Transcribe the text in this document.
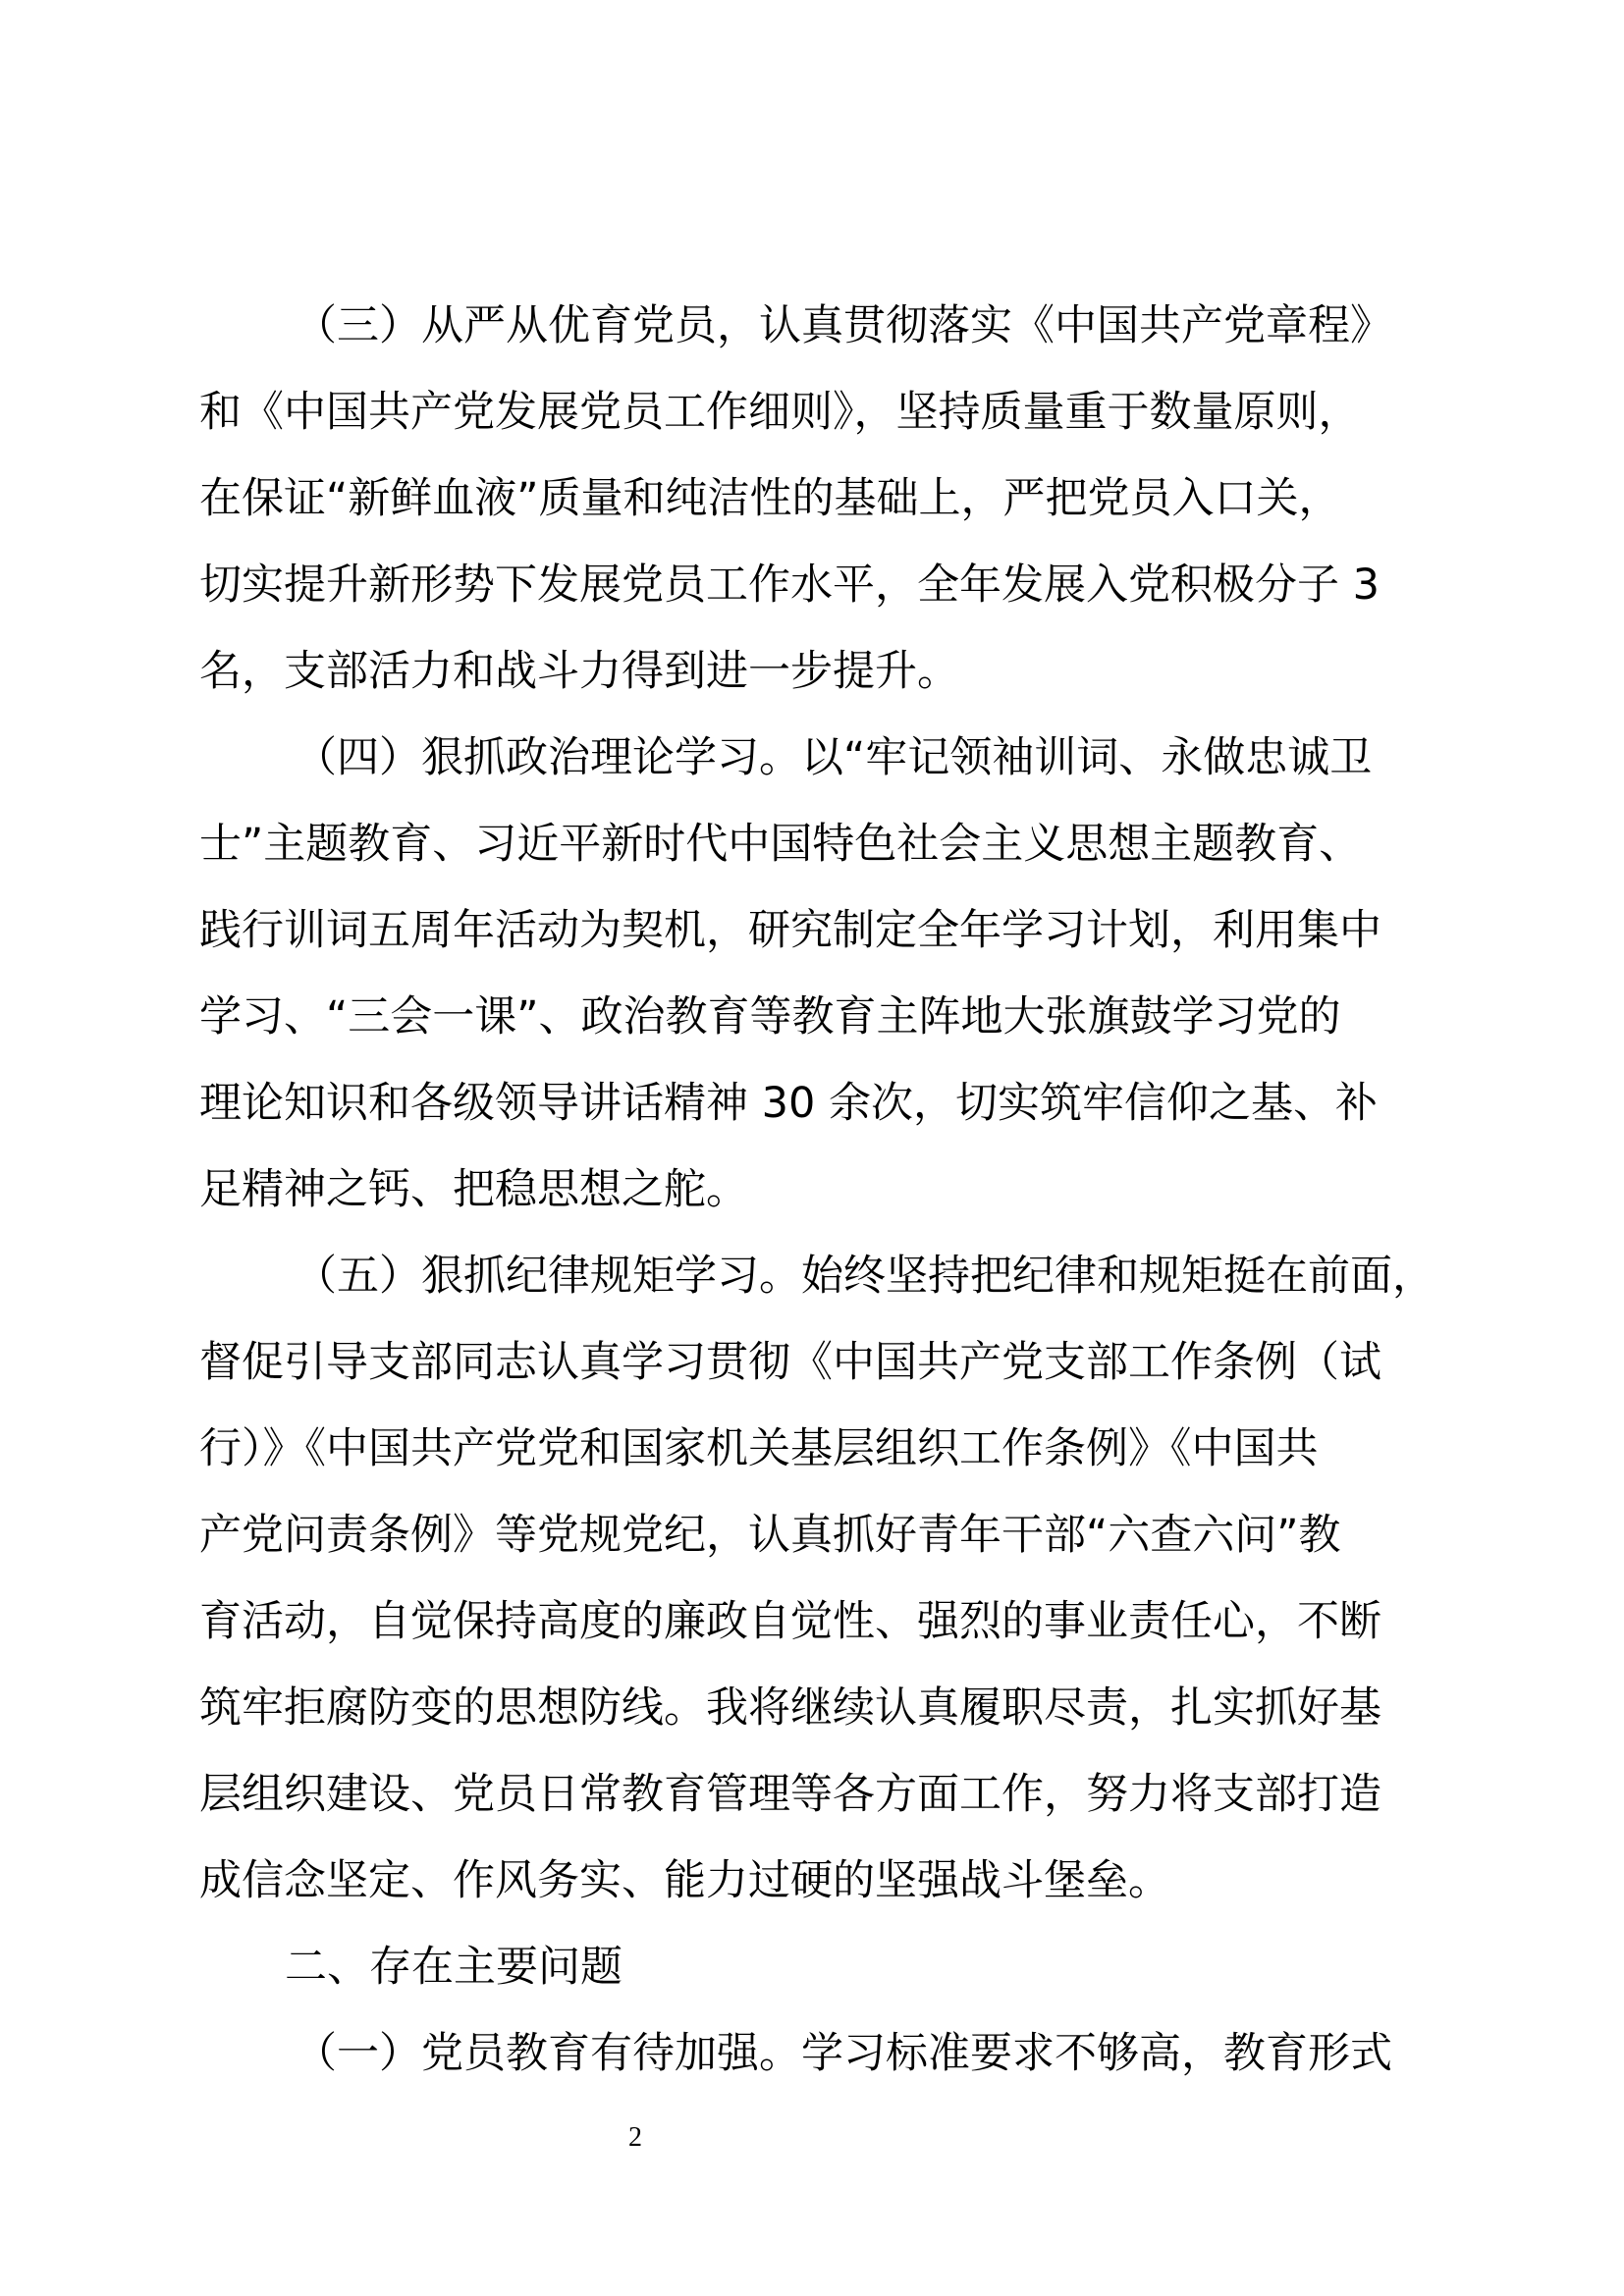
（三）从严从优育党员，认真贯彻落实《中国共产党章程》
和《中国共产党发展党员工作细则》，坚持质量重于数量原则，
在保证“新鲜血液”质量和纯洁性的基础上，严把党员入口关，
切实提升新形势下发展党员工作水平，全年发展入党积极分子 3
名，支部活力和战斗力得到进一步提升。
（四）狠抓政治理论学习。以“牢记领袖训词、永做忠诚卫
士”主题教育、习近平新时代中国特色社会主义思想主题教育、
践行训词五周年活动为契机，研究制定全年学习计划，利用集中
学习、“三会一课”、政治教育等教育主阵地大张旗鼓学习党的
理论知识和各级领导讲话精神 30 余次，切实筑牢信仰之基、补
足精神之钙、把稳思想之舵。
（五）狠抓纪律规矩学习。始终坚持把纪律和规矩挺在前面，
督促引导支部同志认真学习贯彻《中国共产党支部工作条例（试
行）》《中国共产党党和国家机关基层组织工作条例》《中国共
产党问责条例》等党规党纪，认真抓好青年干部“六查六问”教
育活动，自觉保持高度的廉政自觉性、强烈的事业责任心，不断
筑牢拒腐防变的思想防线。我将继续认真履职尽责，扎实抓好基
层组织建设、党员日常教育管理等各方面工作，努力将支部打造
成信念坚定、作风务实、能力过硬的坚强战斗堡垒。
二、存在主要问题
（一）党员教育有待加强。学习标准要求不够高，教育形式
2
